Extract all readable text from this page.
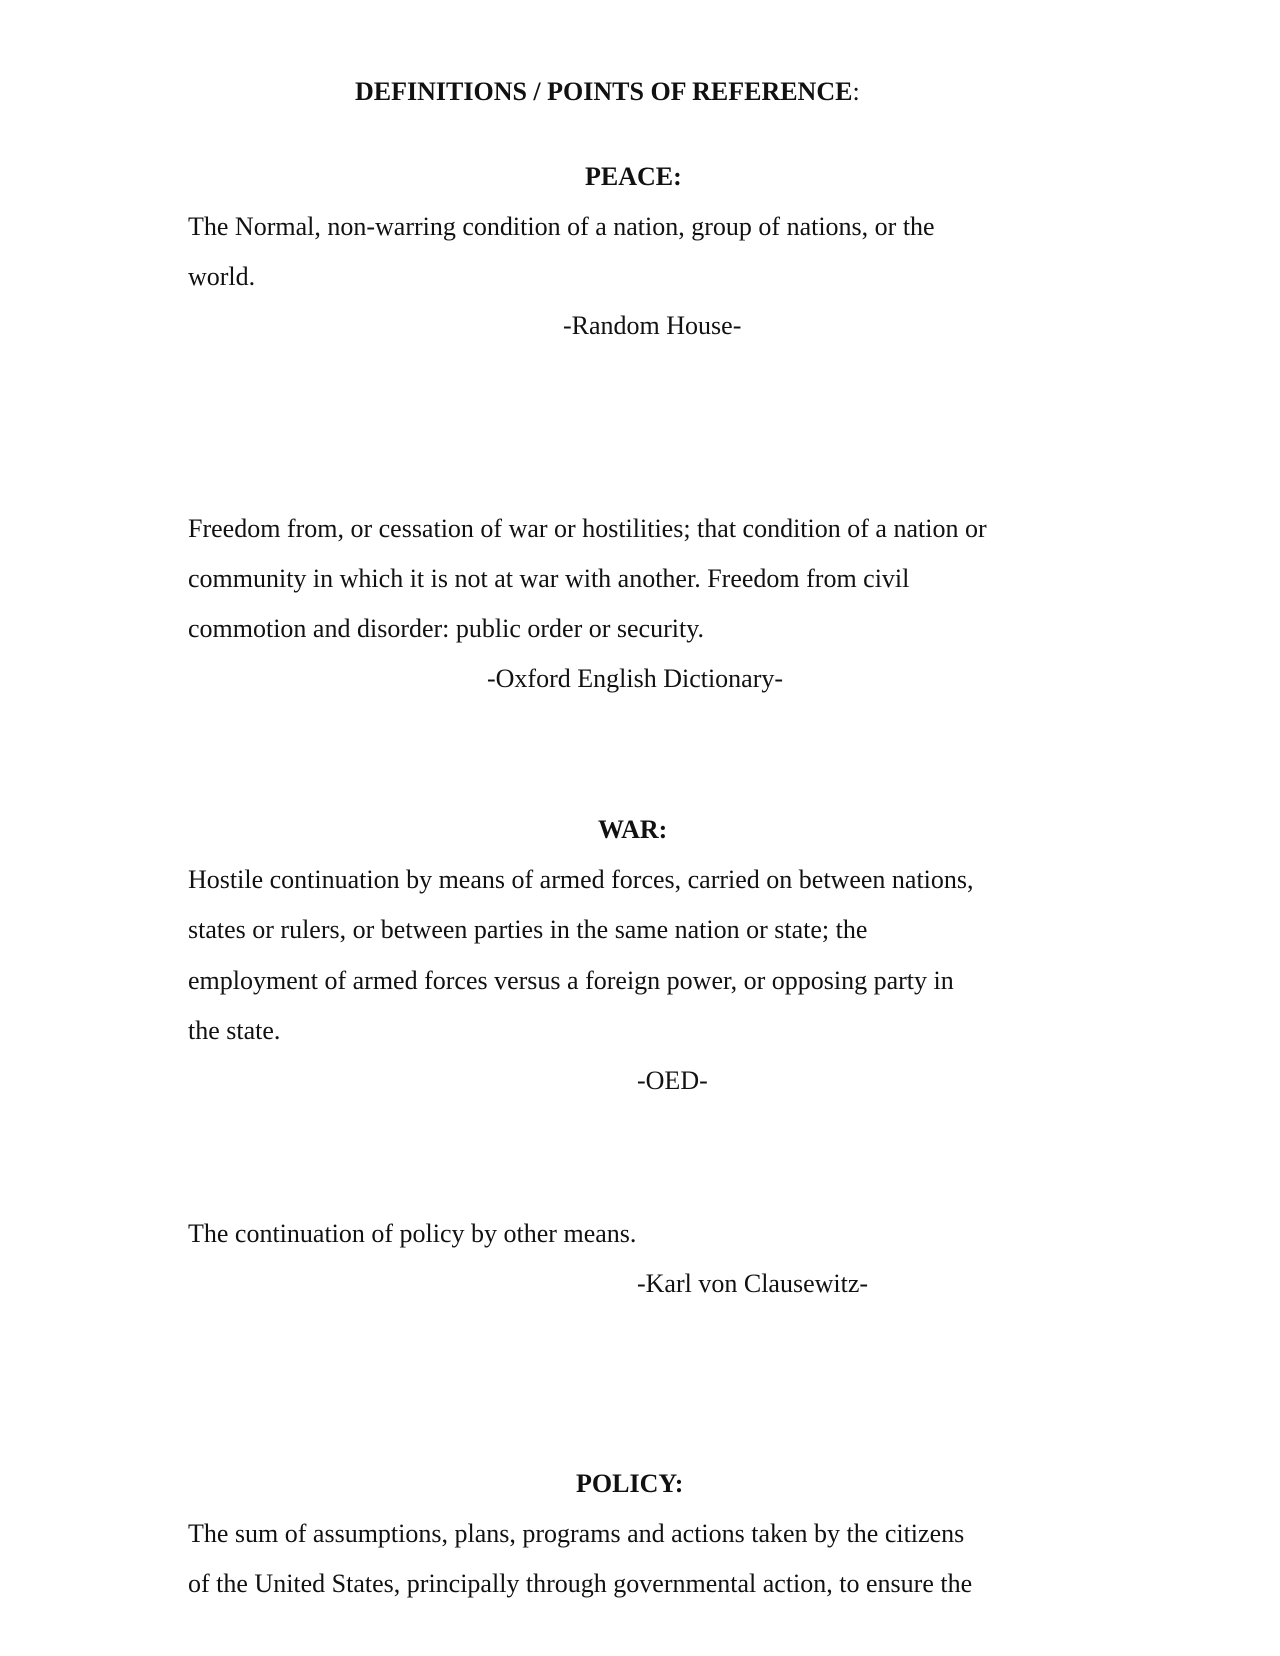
DEFINITIONS / POINTS OF REFERENCE:
PEACE:
The Normal, non-warring condition of a nation, group of nations, or the
world.
-Random House-
Freedom from, or cessation of war or hostilities; that condition of a nation or
community in which it is not at war with another. Freedom from civil
commotion and disorder: public order or security.
-Oxford English Dictionary-
WAR:
Hostile continuation by means of armed forces, carried on between nations,
states or rulers, or between parties in the same nation or state; the
employment of armed forces versus a foreign power, or opposing party in
the state.
-OED-
The continuation of policy by other means.
-Karl von Clausewitz-
POLICY:
The sum of assumptions, plans, programs and actions taken by the citizens
of the United States, principally through governmental action, to ensure the
